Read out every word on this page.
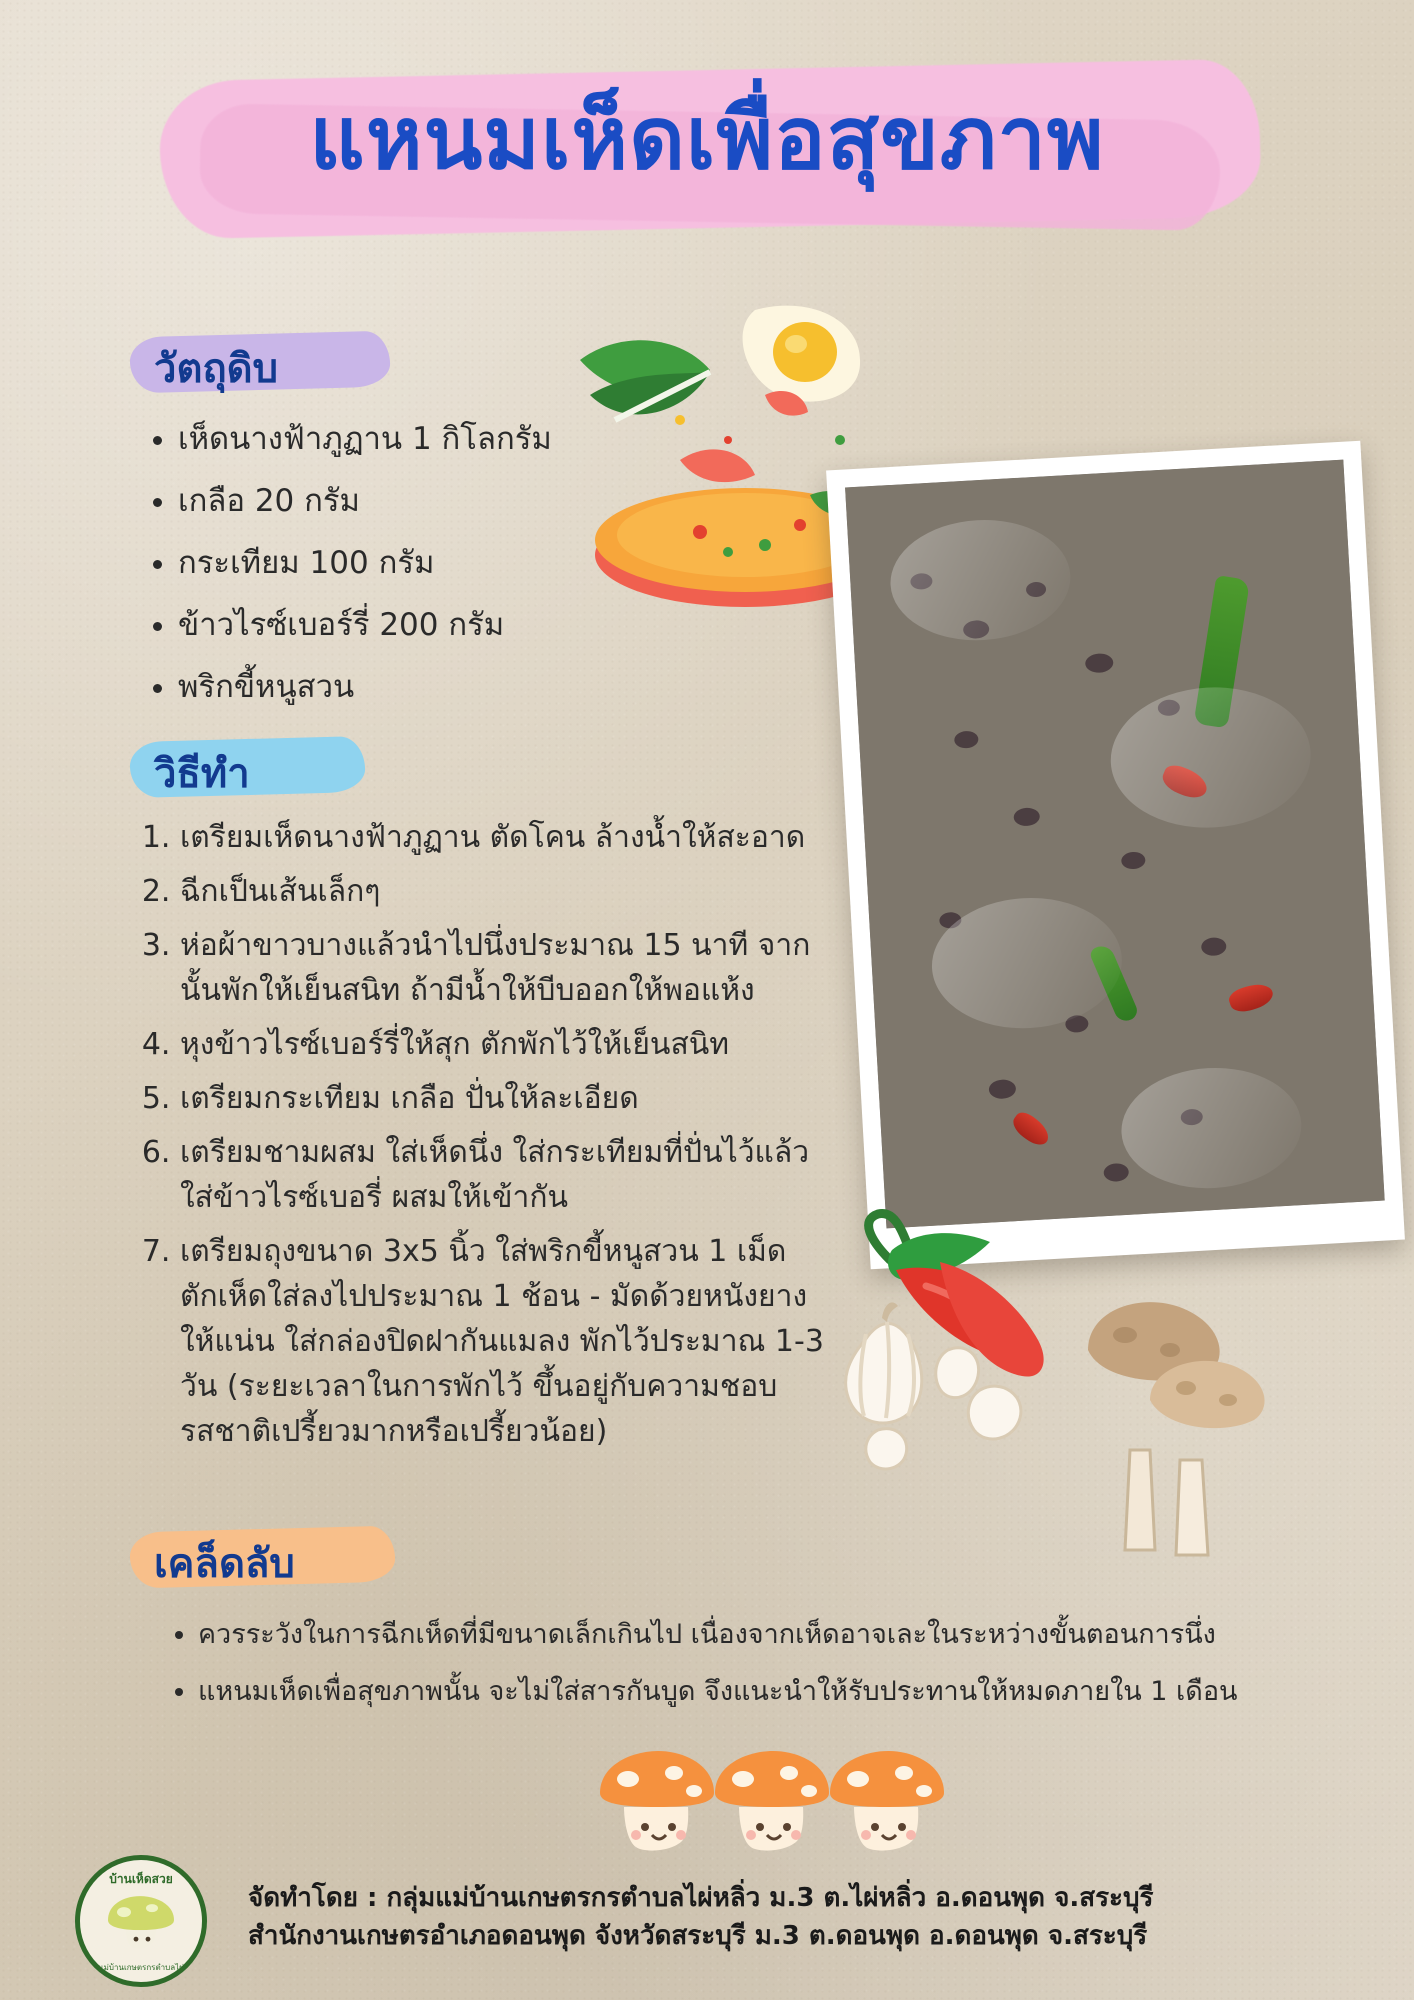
แหนมเห็ดเพื่อสุขภาพ
วัตถุดิบ
• เห็ดนางฟ้าภูฏาน 1 กิโลกรัม
• เกลือ 20 กรัม
• กระเทียม 100 กรัม
• ข้าวไรซ์เบอร์รี่ 200 กรัม
• พริกขี้หนูสวน
วิธีทำ
1. เตรียมเห็ดนางฟ้าภูฏาน ตัดโคน ล้างน้ำให้สะอาด
2. ฉีกเป็นเส้นเล็กๆ
3. ห่อผ้าขาวบางแล้วนำไปนึ่งประมาณ 15 นาที จากนั้นพักให้เย็นสนิท ถ้ามีน้ำให้บีบออกให้พอแห้ง
4. หุงข้าวไรซ์เบอร์รี่ให้สุก ตักพักไว้ให้เย็นสนิท
5. เตรียมกระเทียม เกลือ ปั่นให้ละเอียด
6. เตรียมชามผสม ใส่เห็ดนึ่ง ใส่กระเทียมที่ปั่นไว้แล้ว ใส่ข้าวไรซ์เบอรี่ ผสมให้เข้ากัน
7. เตรียมถุงขนาด 3x5 นิ้ว ใส่พริกขี้หนูสวน 1 เม็ด ตักเห็ดใส่ลงไปประมาณ 1 ช้อน - มัดด้วยหนังยางให้แน่น ใส่กล่องปิดฝากันแมลง พักไว้ประมาณ 1-3 วัน (ระยะเวลาในการพักไว้ ขึ้นอยู่กับความชอบ รสชาติเปรี้ยวมากหรือเปรี้ยวน้อย)
เคล็ดลับ
• ควรระวังในการฉีกเห็ดที่มีขนาดเล็กเกินไป เนื่องจากเห็ดอาจเละในระหว่างขั้นตอนการนึ่ง
• แหนมเห็ดเพื่อสุขภาพนั้น จะไม่ใส่สารกันบูด จึงแนะนำให้รับประทานให้หมดภายใน 1 เดือน
บ้านเห็ดสวย
กลุ่มแม่บ้านเกษตรกรตำบลไผ่หลิ่ว
จัดทำโดย : กลุ่มแม่บ้านเกษตรกรตำบลไผ่หลิ่ว ม.3 ต.ไผ่หลิ่ว อ.ดอนพุด จ.สระบุรี
สำนักงานเกษตรอำเภอดอนพุด จังหวัดสระบุรี ม.3 ต.ดอนพุด อ.ดอนพุด จ.สระบุรี
